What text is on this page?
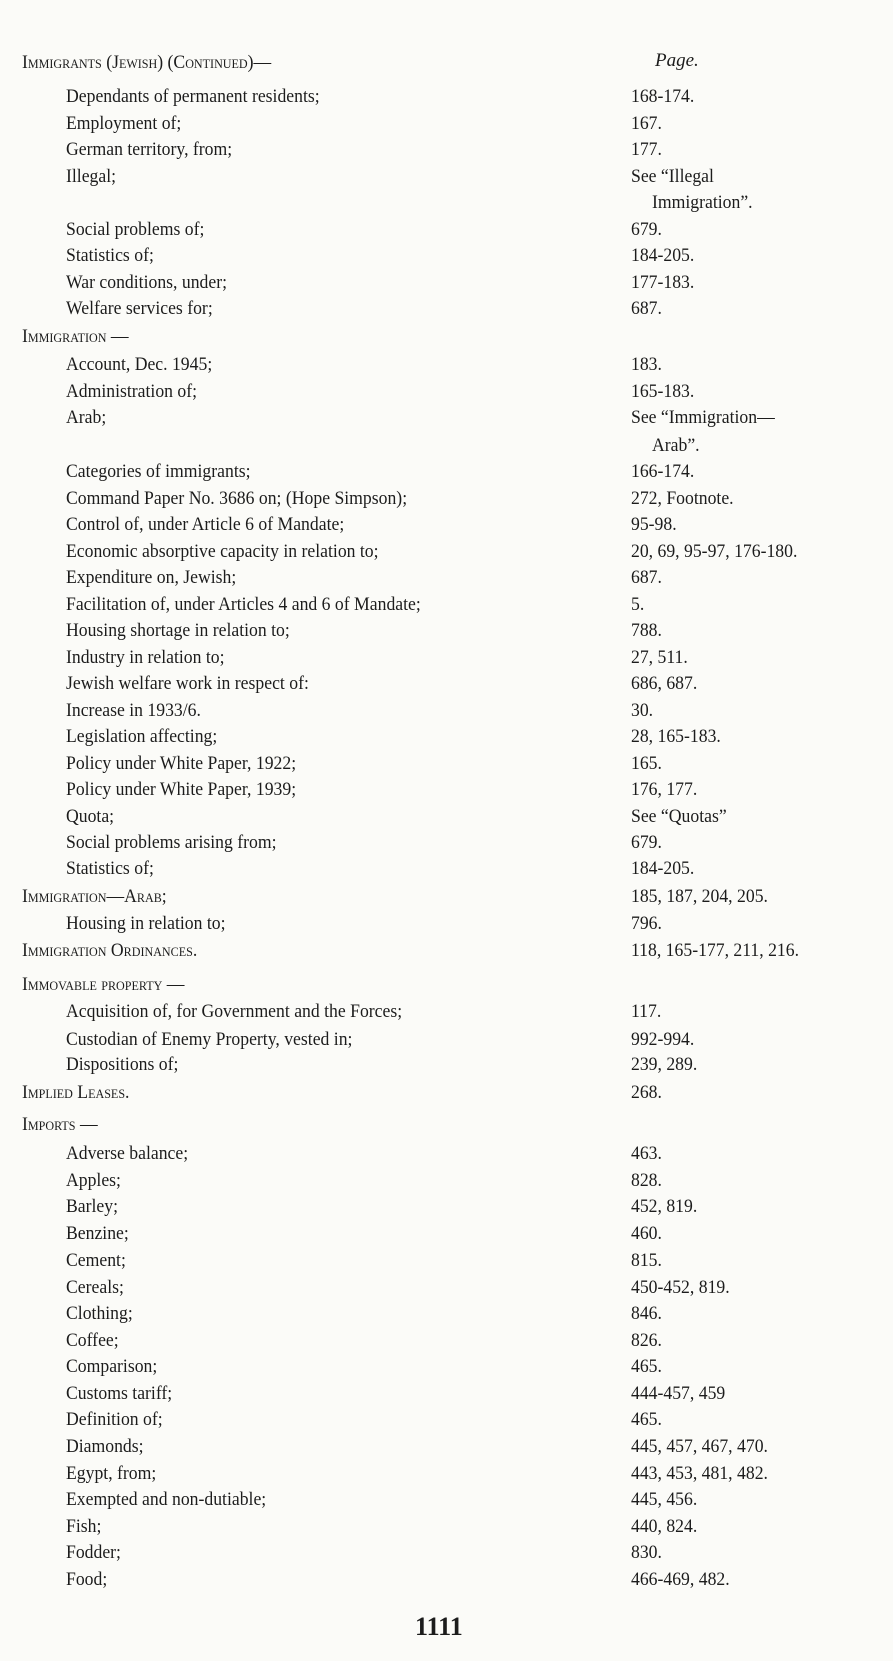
Page.
Immigrants (Jewish) (Continued)—
Dependants of permanent residents;	168-174.
Employment of;	167.
German territory, from;	177.
Illegal;	See “Illegal
Immigration”.
Social problems of;	679.
Statistics of;	184-205.
War conditions, under;	177-183.
Welfare services for;	687.
Immigration —
Account, Dec. 1945;	183.
Administration of;	165-183.
Arab;	See “Immigration—
Arab”.
Categories of immigrants;	166-174.
Command Paper No. 3686 on; (Hope Simpson);	272, Footnote.
Control of, under Article 6 of Mandate;	95-98.
Economic absorptive capacity in relation to;	20, 69, 95-97, 176-180.
Expenditure on, Jewish;	687.
Facilitation of, under Articles 4 and 6 of Mandate;	5.
Housing shortage in relation to;	788.
Industry in relation to;	27, 511.
Jewish welfare work in respect of:	686, 687.
Increase in 1933/6.	30.
Legislation affecting;	28, 165-183.
Policy under White Paper, 1922;	165.
Policy under White Paper, 1939;	176, 177.
Quota;	See “Quotas”
Social problems arising from;	679.
Statistics of;	184-205.
Immigration—Arab;	185, 187, 204, 205.
Housing in relation to;	796.
Immigration Ordinances.	118, 165-177, 211, 216.
Immovable property —
Acquisition of, for Government and the Forces;	117.
Custodian of Enemy Property, vested in;	992-994.
Dispositions of;	239, 289.
Implied Leases.	268.
Imports —
Adverse balance;	463.
Apples;	828.
Barley;	452, 819.
Benzine;	460.
Cement;	815.
Cereals;	450-452, 819.
Clothing;	846.
Coffee;	826.
Comparison;	465.
Customs tariff;	444-457, 459
Definition of;	465.
Diamonds;	445, 457, 467, 470.
Egypt, from;	443, 453, 481, 482.
Exempted and non-dutiable;	445, 456.
Fish;	440, 824.
Fodder;	830.
Food;	466-469, 482.
1111
